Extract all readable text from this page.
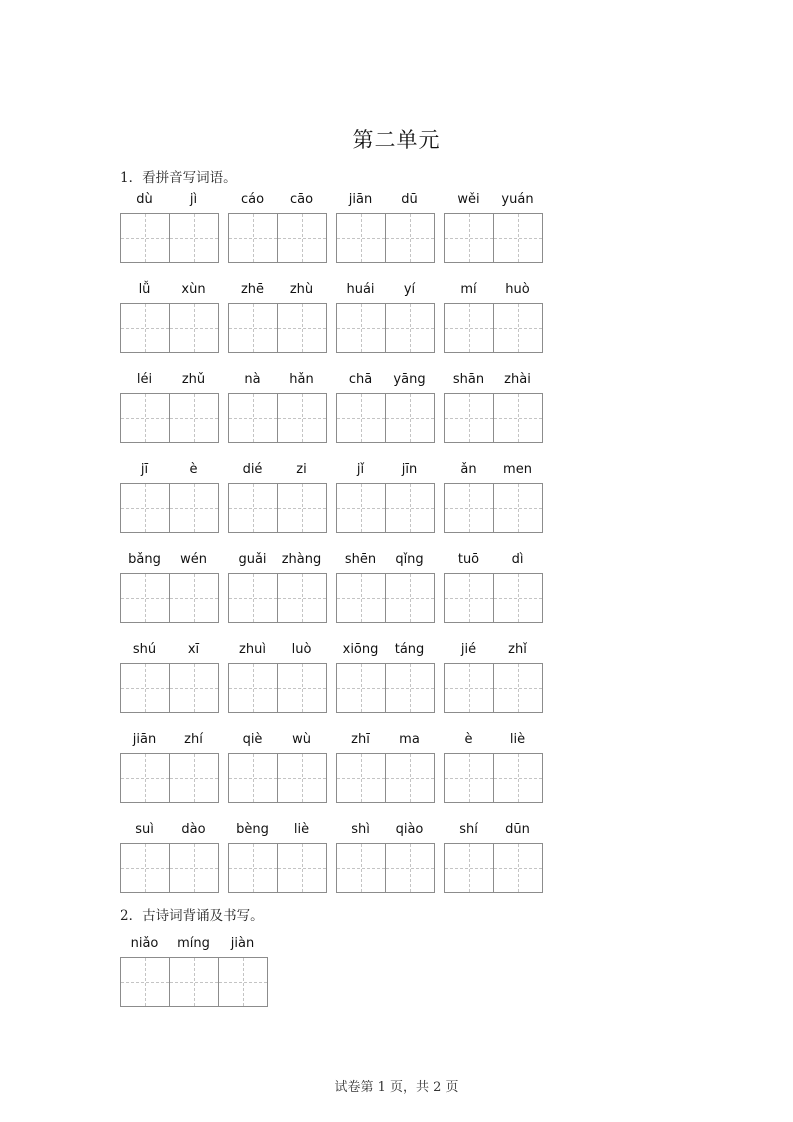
第二单元
1．看拼音写词语。
dù	jì	cáo	cāo	jiān	dū	wěi	yuán
lǚ	xùn	zhē	zhù	huái	yí	mí	huò
léi	zhǔ	nà	hǎn	chā	yāng	shān	zhài
jī	è	dié	zi	jǐ	jīn	ǎn	men
bǎng	wén	guǎi	zhàng	shēn	qǐng	tuō	dì
shú	xī	zhuì	luò	xiōng	táng	jié	zhǐ
jiān	zhí	qiè	wù	zhī	ma	è	liè
suì	dào	bèng	liè	shì	qiào	shí	dūn
2．古诗词背诵及书写。
niǎo	míng	jiàn
试卷第 1 页，共 2 页
